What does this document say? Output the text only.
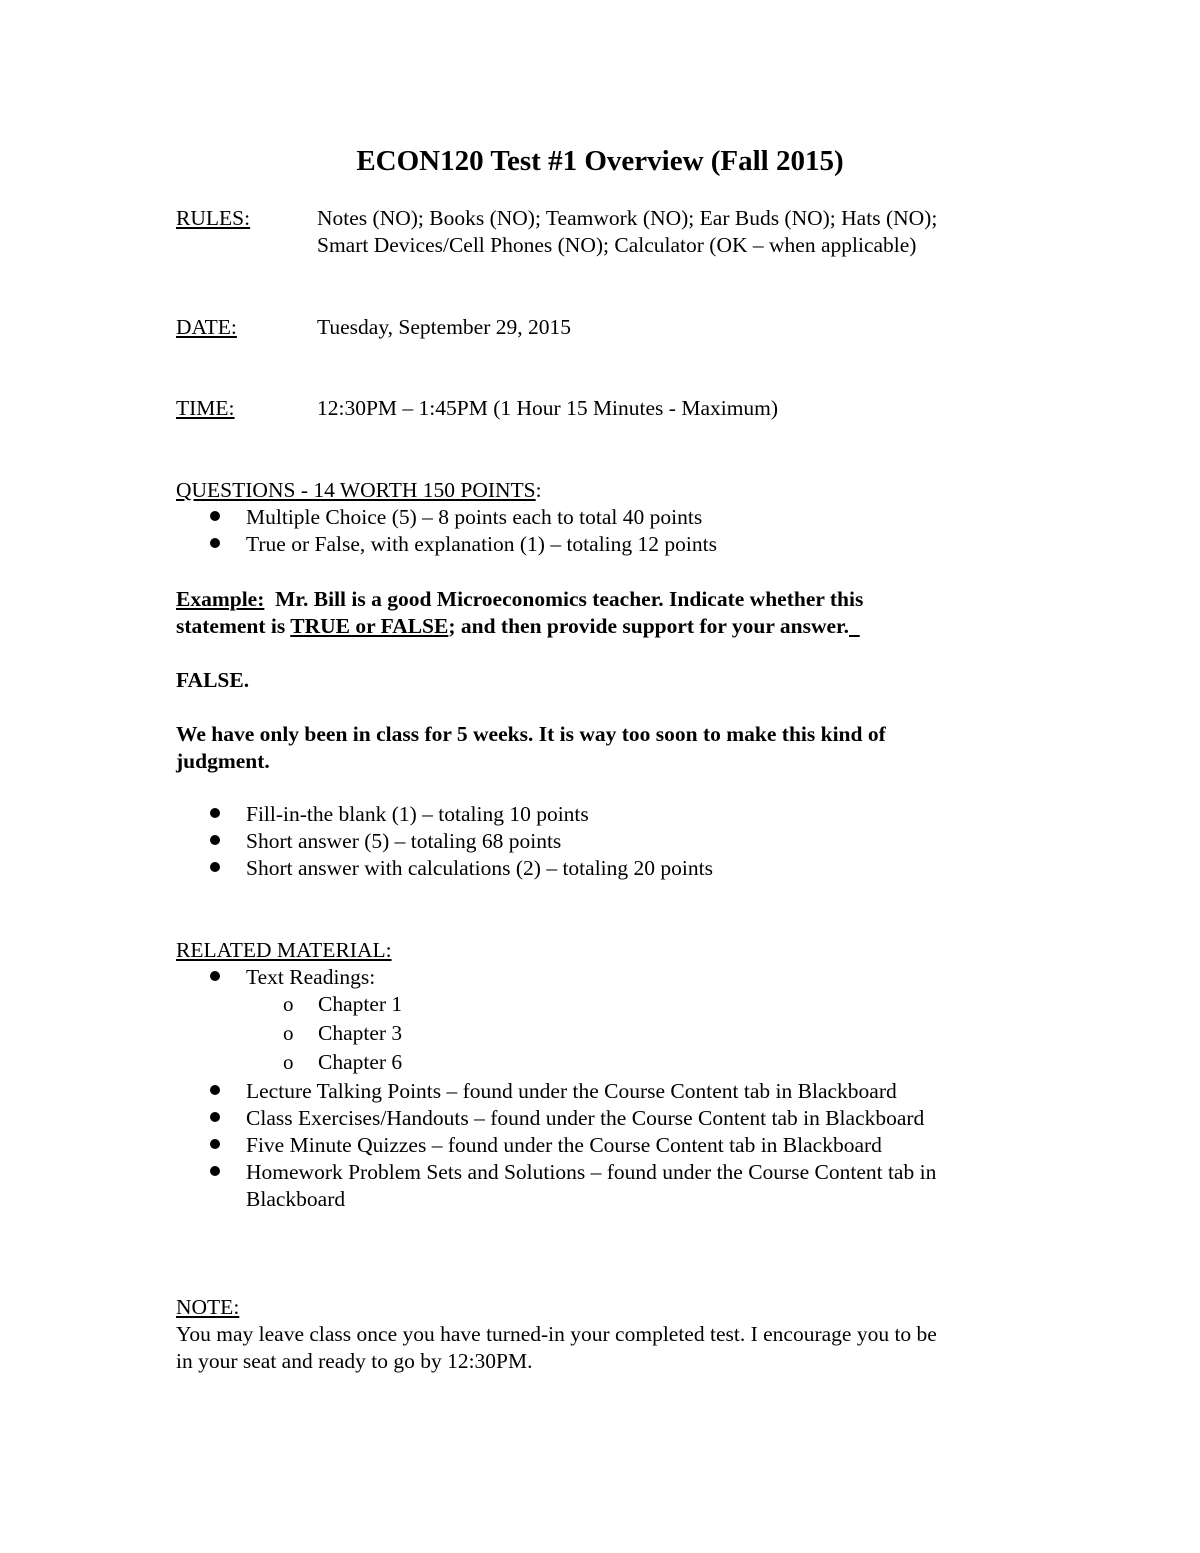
ECON120 Test #1 Overview (Fall 2015)
RULES:	Notes (NO); Books (NO); Teamwork (NO); Ear Buds (NO); Hats (NO);
Smart Devices/Cell Phones (NO); Calculator (OK – when applicable)
DATE:	Tuesday, September 29, 2015
TIME:	12:30PM – 1:45PM (1 Hour 15 Minutes - Maximum)
QUESTIONS - 14 WORTH 150 POINTS:
Multiple Choice (5) – 8 points each to total 40 points
True or False, with explanation (1) – totaling 12 points
Example: Mr. Bill is a good Microeconomics teacher. Indicate whether this
statement is TRUE or FALSE; and then provide support for your answer.
FALSE.
We have only been in class for 5 weeks. It is way too soon to make this kind of
judgment.
Fill-in-the blank (1) – totaling 10 points
Short answer (5) – totaling 68 points
Short answer with calculations (2) – totaling 20 points
RELATED MATERIAL:
Text Readings:
o Chapter 1
o Chapter 3
o Chapter 6
Lecture Talking Points – found under the Course Content tab in Blackboard
Class Exercises/Handouts – found under the Course Content tab in Blackboard
Five Minute Quizzes – found under the Course Content tab in Blackboard
Homework Problem Sets and Solutions – found under the Course Content tab in
Blackboard
NOTE:
You may leave class once you have turned-in your completed test. I encourage you to be
in your seat and ready to go by 12:30PM.
